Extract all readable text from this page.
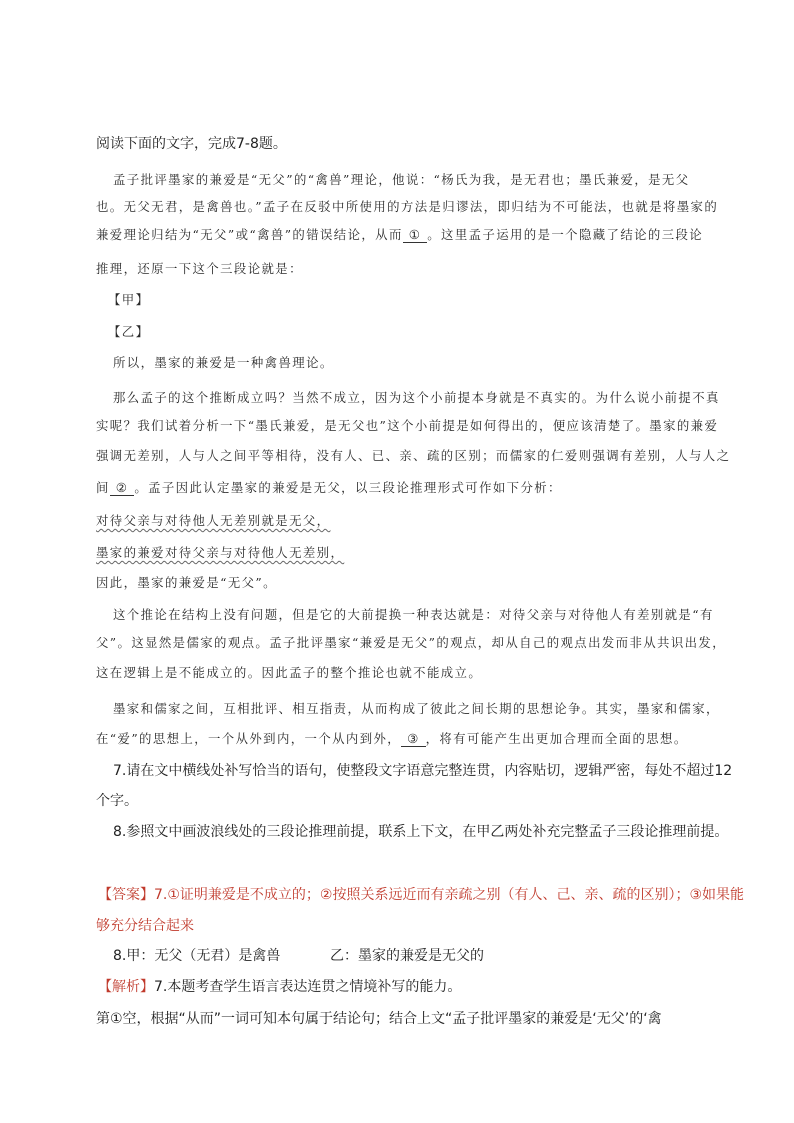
阅读下面的文字，完成7-8题。
孟子批评墨家的兼爱是“无父”的“禽兽”理论，他说：“杨氏为我，是无君也；墨氏兼爱，是无父
也。无父无君，是禽兽也。”孟子在反驳中所使用的方法是归谬法，即归结为不可能法，也就是将墨家的
兼爱理论归结为“无父”或“禽兽”的错误结论，从而 ① 。这里孟子运用的是一个隐藏了结论的三段论
推理，还原一下这个三段论就是：
【甲】
【乙】
所以，墨家的兼爱是一种禽兽理论。
那么孟子的这个推断成立吗？当然不成立，因为这个小前提本身就是不真实的。为什么说小前提不真
实呢？我们试着分析一下“墨氏兼爱，是无父也”这个小前提是如何得出的，便应该清楚了。墨家的兼爱
强调无差别，人与人之间平等相待，没有人、已、亲、疏的区别；而儒家的仁爱则强调有差别，人与人之
间 ② 。孟子因此认定墨家的兼爱是无父，以三段论推理形式可作如下分析：
对待父亲与对待他人无差别就是无父，
墨家的兼爱对待父亲与对待他人无差别，
因此，墨家的兼爱是“无父”。
这个推论在结构上没有问题，但是它的大前提换一种表达就是：对待父亲与对待他人有差别就是“有
父”。这显然是儒家的观点。孟子批评墨家“兼爱是无父”的观点，却从自己的观点出发而非从共识出发，
这在逻辑上是不能成立的。因此孟子的整个推论也就不能成立。
墨家和儒家之间，互相批评、相互指责，从而构成了彼此之间长期的思想论争。其实，墨家和儒家，
在“爱”的思想上，一个从外到内，一个从内到外， ③ ，将有可能产生出更加合理而全面的思想。
7.请在文中横线处补写恰当的语句，使整段文字语意完整连贯，内容贴切，逻辑严密，每处不超过12
个字。
8.参照文中画波浪线处的三段论推理前提，联系上下文，在甲乙两处补充完整孟子三段论推理前提。
【答案】7.①证明兼爱是不成立的；②按照关系远近而有亲疏之别（有人、己、亲、疏的区别）；③如果能
够充分结合起来
8.甲：无父（无君）是禽兽	乙：墨家的兼爱是无父的
【解析】7.本题考查学生语言表达连贯之情境补写的能力。
第①空，根据“从而”一词可知本句属于结论句；结合上文“孟子批评墨家的兼爱是‘无父’的‘禽
